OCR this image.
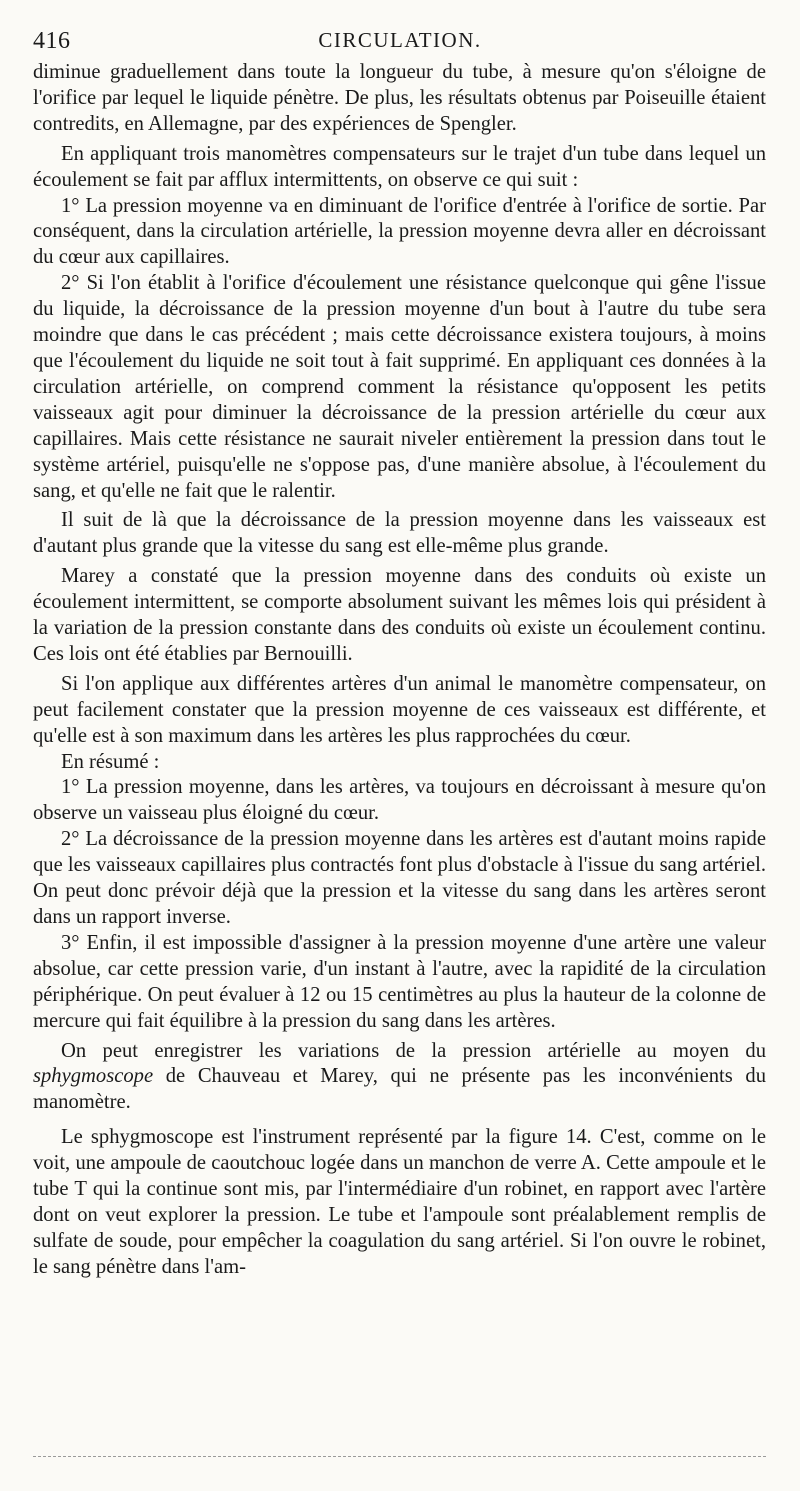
416	CIRCULATION.

diminue graduellement dans toute la longueur du tube, à mesure qu'on s'éloigne de l'orifice par lequel le liquide pénètre. De plus, les résultats obtenus par Poiseuille étaient contredits, en Allemagne, par des expériences de Spengler.

En appliquant trois manomètres compensateurs sur le trajet d'un tube dans lequel un écoulement se fait par afflux intermittents, on observe ce qui suit :

1° La pression moyenne va en diminuant de l'orifice d'entrée à l'orifice de sortie. Par conséquent, dans la circulation artérielle, la pression moyenne devra aller en décroissant du cœur aux capillaires.

2° Si l'on établit à l'orifice d'écoulement une résistance quelconque qui gêne l'issue du liquide, la décroissance de la pression moyenne d'un bout à l'autre du tube sera moindre que dans le cas précédent ; mais cette décroissance existera toujours, à moins que l'écoulement du liquide ne soit tout à fait supprimé. En appliquant ces données à la circulation artérielle, on comprend comment la résistance qu'opposent les petits vaisseaux agit pour diminuer la décroissance de la pression artérielle du cœur aux capillaires. Mais cette résistance ne saurait niveler entièrement la pression dans tout le système artériel, puisqu'elle ne s'oppose pas, d'une manière absolue, à l'écoulement du sang, et qu'elle ne fait que le ralentir.

Il suit de là que la décroissance de la pression moyenne dans les vaisseaux est d'autant plus grande que la vitesse du sang est elle-même plus grande.

Marey a constaté que la pression moyenne dans des conduits où existe un écoulement intermittent, se comporte absolument suivant les mêmes lois qui président à la variation de la pression constante dans des conduits où existe un écoulement continu. Ces lois ont été établies par Bernouilli.

Si l'on applique aux différentes artères d'un animal le manomètre compensateur, on peut facilement constater que la pression moyenne de ces vaisseaux est différente, et qu'elle est à son maximum dans les artères les plus rapprochées du cœur.

En résumé :

1° La pression moyenne, dans les artères, va toujours en décroissant à mesure qu'on observe un vaisseau plus éloigné du cœur.

2° La décroissance de la pression moyenne dans les artères est d'autant moins rapide que les vaisseaux capillaires plus contractés font plus d'obstacle à l'issue du sang artériel. On peut donc prévoir déjà que la pression et la vitesse du sang dans les artères seront dans un rapport inverse.

3° Enfin, il est impossible d'assigner à la pression moyenne d'une artère une valeur absolue, car cette pression varie, d'un instant à l'autre, avec la rapidité de la circulation périphérique. On peut évaluer à 12 ou 15 centimètres au plus la hauteur de la colonne de mercure qui fait équilibre à la pression du sang dans les artères.

On peut enregistrer les variations de la pression artérielle au moyen du sphygmoscope de Chauveau et Marey, qui ne présente pas les inconvénients du manomètre.

Le sphygmoscope est l'instrument représenté par la figure 14. C'est, comme on le voit, une ampoule de caoutchouc logée dans un manchon de verre A. Cette ampoule et le tube T qui la continue sont mis, par l'intermédiaire d'un robinet, en rapport avec l'artère dont on veut explorer la pression. Le tube et l'ampoule sont préalablement remplis de sulfate de soude, pour empêcher la coagulation du sang artériel. Si l'on ouvre le robinet, le sang pénètre dans l'am-
